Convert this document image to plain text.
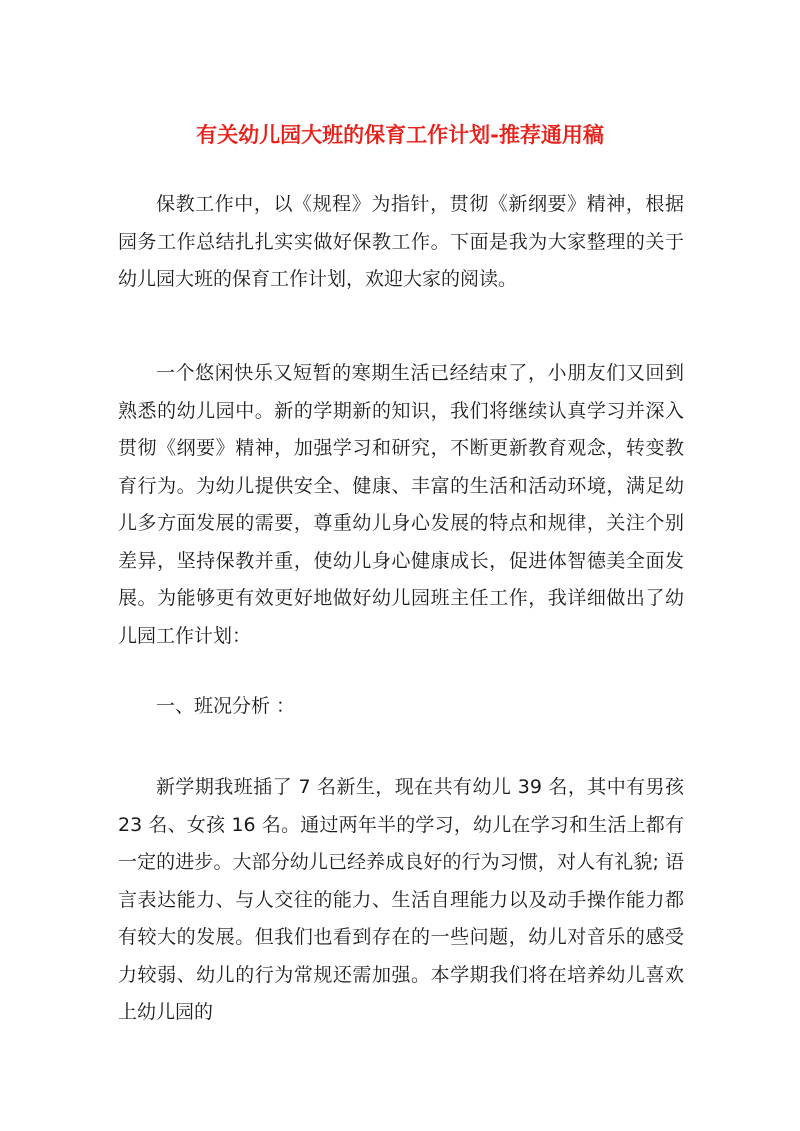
有关幼儿园大班的保育工作计划-推荐通用稿

保教工作中，以《规程》为指针，贯彻《新纲要》精神，根据园务工作总结扎扎实实做好保教工作。下面是我为大家整理的关于幼儿园大班的保育工作计划，欢迎大家的阅读。

一个悠闲快乐又短暂的寒期生活已经结束了，小朋友们又回到熟悉的幼儿园中。新的学期新的知识，我们将继续认真学习并深入贯彻《纲要》精神，加强学习和研究，不断更新教育观念，转变教育行为。为幼儿提供安全、健康、丰富的生活和活动环境，满足幼儿多方面发展的需要，尊重幼儿身心发展的特点和规律，关注个别差异，坚持保教并重，使幼儿身心健康成长，促进体智德美全面发展。为能够更有效更好地做好幼儿园班主任工作，我详细做出了幼儿园工作计划：

一、班况分析 ：

新学期我班插了 7 名新生，现在共有幼儿 39 名，其中有男孩 23 名、女孩 16 名。通过两年半的学习，幼儿在学习和生活上都有一定的进步。大部分幼儿已经养成良好的行为习惯，对人有礼貌; 语言表达能力、与人交往的能力、生活自理能力以及动手操作能力都有较大的发展。但我们也看到存在的一些问题，幼儿对音乐的感受力较弱、幼儿的行为常规还需加强。本学期我们将在培养幼儿喜欢上幼儿园的
